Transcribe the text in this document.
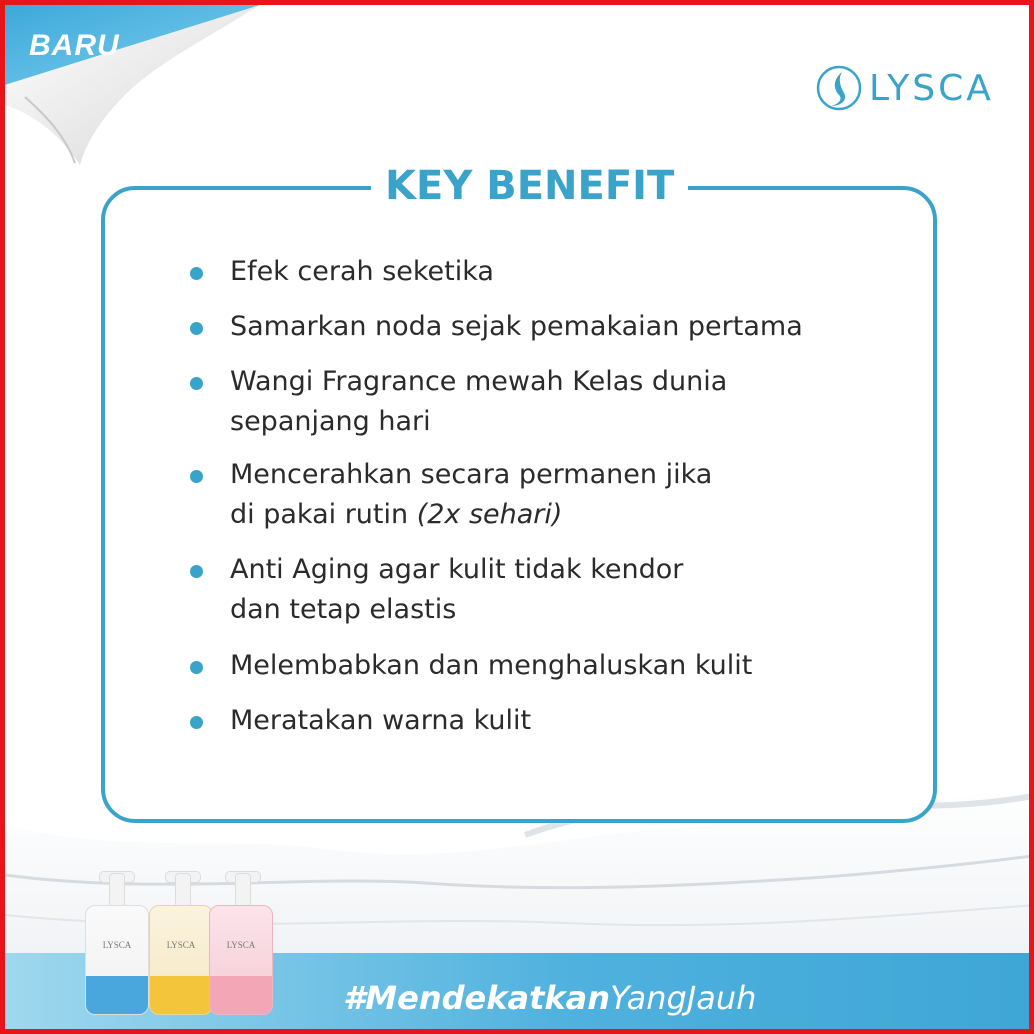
BARU
LYSCA
KEY BENEFIT
Efek cerah seketika
Samarkan noda sejak pemakaian pertama
Wangi Fragrance mewah Kelas dunia
sepanjang hari
Mencerahkan secara permanen jika
di pakai rutin (2x sehari)
Anti Aging agar kulit tidak kendor
dan tetap elastis
Melembabkan dan menghaluskan kulit
Meratakan warna kulit
LYSCA	LYSCA	LYSCA
#MendekatkanYangJauh
